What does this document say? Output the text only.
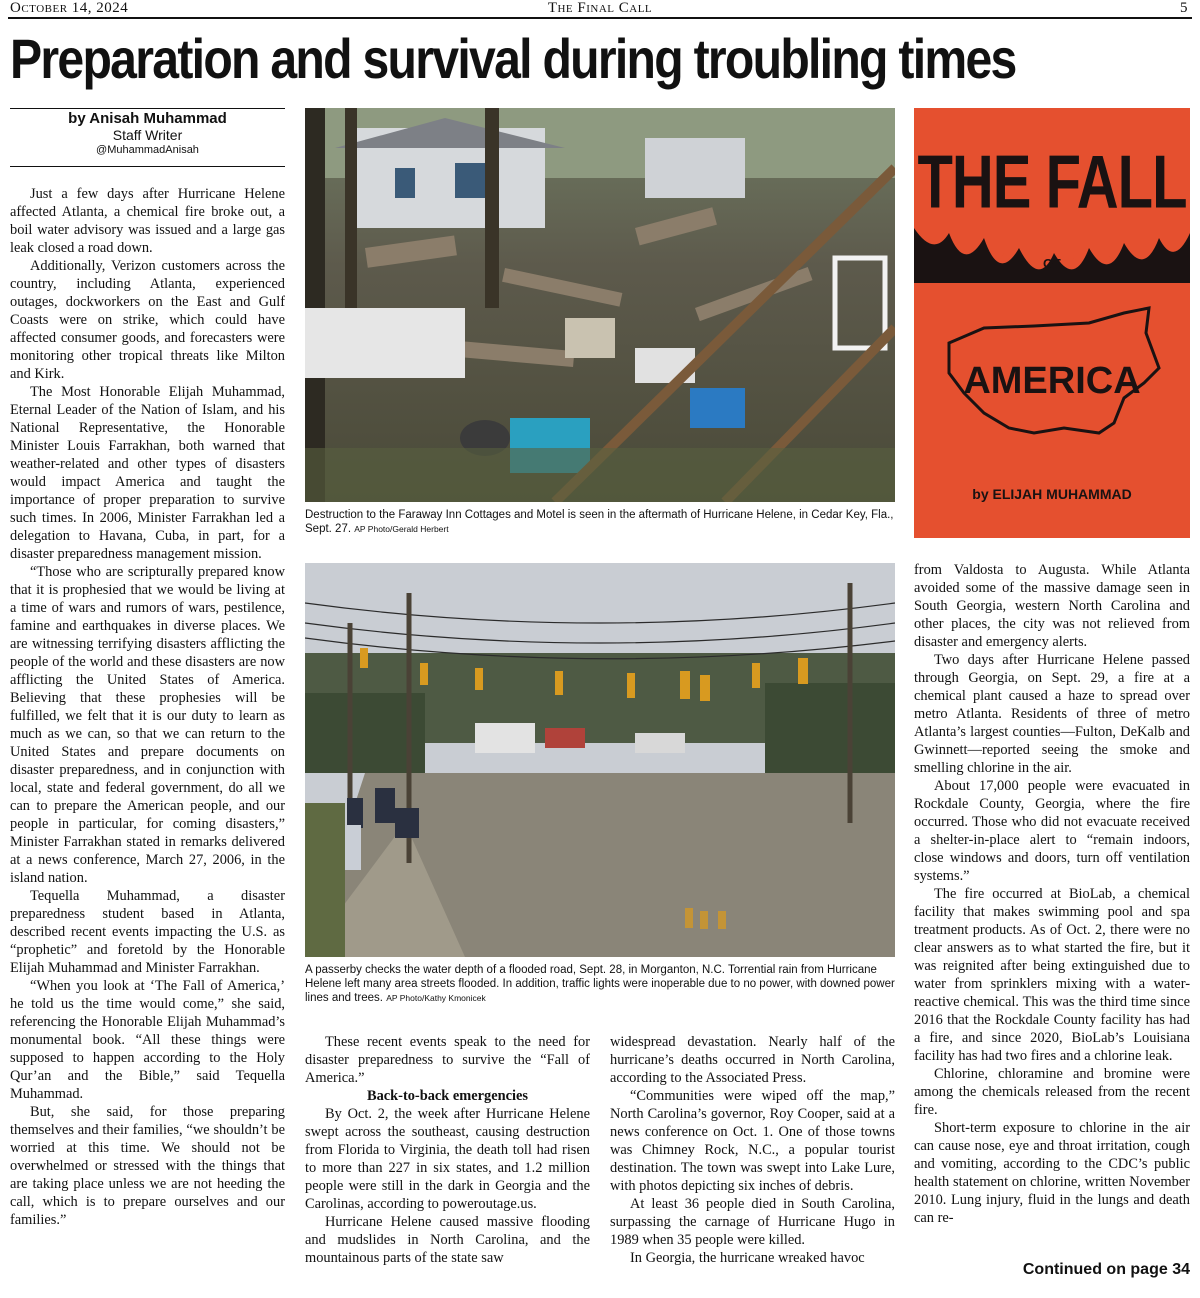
October 14, 2024	The Final Call	5
Preparation and survival during troubling times
by Anisah Muhammad
Staff Writer
@MuhammadAnisah

Just a few days after Hurricane Helene affected Atlanta, a chemical fire broke out, a boil water advisory was issued and a large gas leak closed a road down.

Additionally, Verizon customers across the country, including Atlanta, experienced outages, dockworkers on the East and Gulf Coasts were on strike, which could have affected consumer goods, and forecasters were monitoring other tropical threats like Milton and Kirk.

The Most Honorable Elijah Muhammad, Eternal Leader of the Nation of Islam, and his National Representative, the Honorable Minister Louis Farrakhan, both warned that weather-related and other types of disasters would impact America and taught the importance of proper preparation to survive such times. In 2006, Minister Farrakhan led a delegation to Havana, Cuba, in part, for a disaster preparedness management mission.

“Those who are scripturally prepared know that it is prophesied that we would be living at a time of wars and rumors of wars, pestilence, famine and earthquakes in diverse places. We are witnessing terrifying disasters afflicting the people of the world and these disasters are now afflicting the United States of America. Believing that these prophesies will be fulfilled, we felt that it is our duty to learn as much as we can, so that we can return to the United States and prepare documents on disaster preparedness, and in conjunction with local, state and federal government, do all we can to prepare the American people, and our people in particular, for coming disasters,” Minister Farrakhan stated in remarks delivered at a news conference, March 27, 2006, in the island nation.

Tequella Muhammad, a disaster preparedness student based in Atlanta, described recent events impacting the U.S. as “prophetic” and foretold by the Honorable Elijah Muhammad and Minister Farrakhan.

“When you look at ‘The Fall of America,’ he told us the time would come,” she said, referencing the Honorable Elijah Muhammad’s monumental book. “All these things were supposed to happen according to the Holy Qur’an and the Bible,” said Tequella Muhammad.

But, she said, for those preparing themselves and their families, “we shouldn’t be worried at this time. We should not be overwhelmed or stressed with the things that are taking place unless we are not heeding the call, which is to prepare ourselves and our families.”

Destruction to the Faraway Inn Cottages and Motel is seen in the aftermath of Hurricane Helene, in Cedar Key, Fla., Sept. 27. AP Photo/Gerald Herbert
THE FALL
OF
AMERICA
by ELIJAH MUHAMMAD
A passerby checks the water depth of a flooded road, Sept. 28, in Morganton, N.C. Torrential rain from Hurricane Helene left many area streets flooded. In addition, traffic lights were inoperable due to no power, with downed power lines and trees. AP Photo/Kathy Kmonicek

These recent events speak to the need for disaster preparedness to survive the “Fall of America.”

Back-to-back emergencies

By Oct. 2, the week after Hurricane Helene swept across the southeast, causing destruction from Florida to Virginia, the death toll had risen to more than 227 in six states, and 1.2 million people were still in the dark in Georgia and the Carolinas, according to poweroutage.us.

Hurricane Helene caused massive flooding and mudslides in North Carolina, and the mountainous parts of the state saw

widespread devastation. Nearly half of the hurricane’s deaths occurred in North Carolina, according to the Associated Press.

“Communities were wiped off the map,” North Carolina’s governor, Roy Cooper, said at a news conference on Oct. 1. One of those towns was Chimney Rock, N.C., a popular tourist destination. The town was swept into Lake Lure, with photos depicting six inches of debris.

At least 36 people died in South Carolina, surpassing the carnage of Hurricane Hugo in 1989 when 35 people were killed.

In Georgia, the hurricane wreaked havoc

from Valdosta to Augusta. While Atlanta avoided some of the massive damage seen in South Georgia, western North Carolina and other places, the city was not relieved from disaster and emergency alerts.

Two days after Hurricane Helene passed through Georgia, on Sept. 29, a fire at a chemical plant caused a haze to spread over metro Atlanta. Residents of three of metro Atlanta’s largest counties—Fulton, DeKalb and Gwinnett—reported seeing the smoke and smelling chlorine in the air.

About 17,000 people were evacuated in Rockdale County, Georgia, where the fire occurred. Those who did not evacuate received a shelter-in-place alert to “remain indoors, close windows and doors, turn off ventilation systems.”

The fire occurred at BioLab, a chemical facility that makes swimming pool and spa treatment products. As of Oct. 2, there were no clear answers as to what started the fire, but it was reignited after being extinguished due to water from sprinklers mixing with a water-reactive chemical. This was the third time since 2016 that the Rockdale County facility has had a fire, and since 2020, BioLab’s Louisiana facility has had two fires and a chlorine leak.

Chlorine, chloramine and bromine were among the chemicals released from the recent fire.

Short-term exposure to chlorine in the air can cause nose, eye and throat irritation, cough and vomiting, according to the CDC’s public health statement on chlorine, written November 2010. Lung injury, fluid in the lungs and death can re-

Continued on page 34
